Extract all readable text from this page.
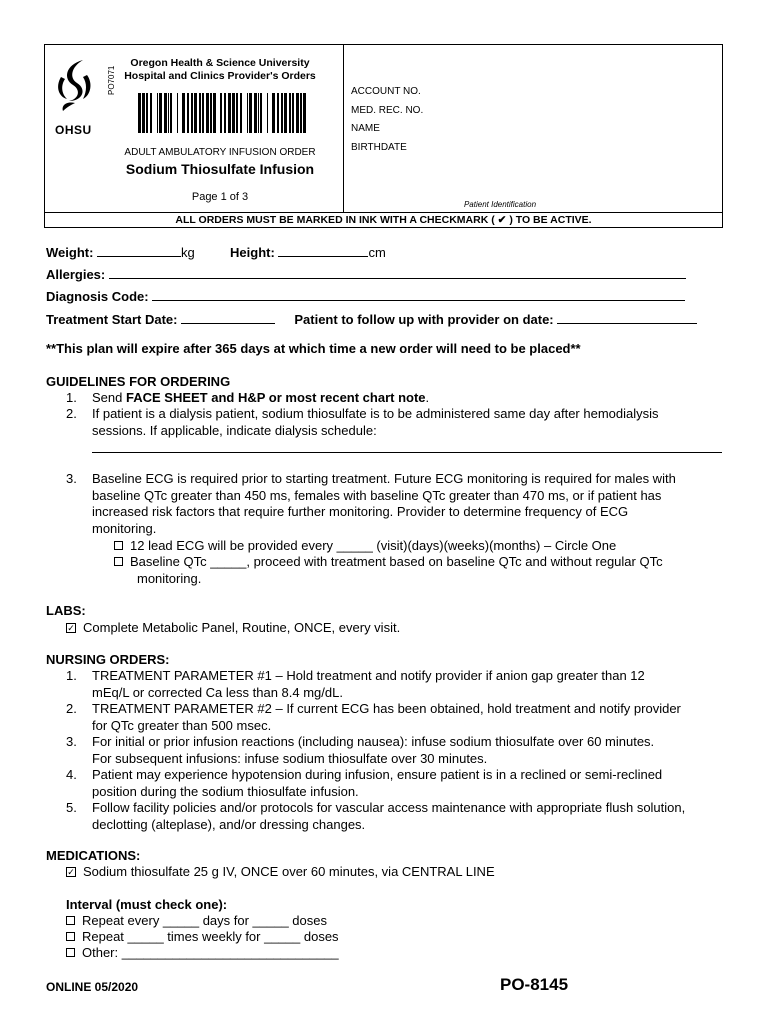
OHSU
PO7071
Oregon Health & Science University
Hospital and Clinics Provider's Orders
ADULT AMBULATORY INFUSION ORDER
Sodium Thiosulfate Infusion
Page 1 of 3
ACCOUNT NO.
MED. REC. NO.
NAME
BIRTHDATE
Patient Identification
ALL ORDERS MUST BE MARKED IN INK WITH A CHECKMARK ( ✔ ) TO BE ACTIVE.
Weight:	kg	Height:	cm
Allergies:
Diagnosis Code:
Treatment Start Date:	Patient to follow up with provider on date:
**This plan will expire after 365 days at which time a new order will need to be placed**
GUIDELINES FOR ORDERING
1. Send FACE SHEET and H&P or most recent chart note.
2. If patient is a dialysis patient, sodium thiosulfate is to be administered same day after hemodialysis
sessions. If applicable, indicate dialysis schedule:
3. Baseline ECG is required prior to starting treatment. Future ECG monitoring is required for males with
baseline QTc greater than 450 ms, females with baseline QTc greater than 470 ms, or if patient has
increased risk factors that require further monitoring. Provider to determine frequency of ECG
monitoring.
12 lead ECG will be provided every _____ (visit)(days)(weeks)(months) – Circle One
Baseline QTc _____, proceed with treatment based on baseline QTc and without regular QTc
monitoring.
LABS:
✓ Complete Metabolic Panel, Routine, ONCE, every visit.
NURSING ORDERS:
1. TREATMENT PARAMETER #1 – Hold treatment and notify provider if anion gap greater than 12
mEq/L or corrected Ca less than 8.4 mg/dL.
2. TREATMENT PARAMETER #2 – If current ECG has been obtained, hold treatment and notify provider
for QTc greater than 500 msec.
3. For initial or prior infusion reactions (including nausea): infuse sodium thiosulfate over 60 minutes.
For subsequent infusions: infuse sodium thiosulfate over 30 minutes.
4. Patient may experience hypotension during infusion, ensure patient is in a reclined or semi-reclined
position during the sodium thiosulfate infusion.
5. Follow facility policies and/or protocols for vascular access maintenance with appropriate flush solution,
declotting (alteplase), and/or dressing changes.
MEDICATIONS:
✓ Sodium thiosulfate 25 g IV, ONCE over 60 minutes, via CENTRAL LINE
Interval (must check one):
Repeat every _____ days for _____ doses
Repeat _____ times weekly for _____ doses
Other: ______________________________
ONLINE 05/2020	PO-8145
